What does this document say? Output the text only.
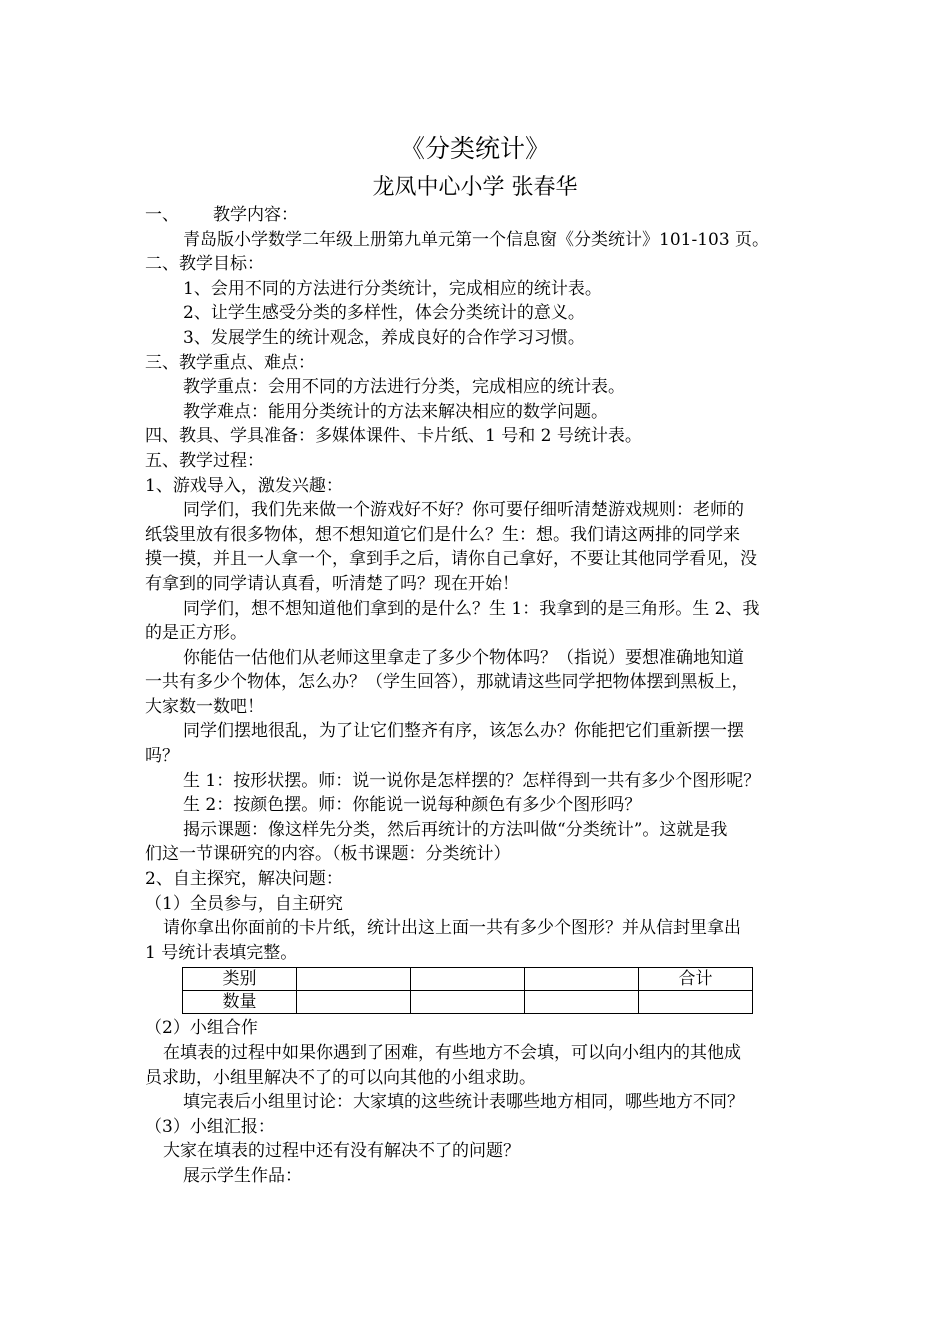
《分类统计》
龙凤中心小学 张春华
一、 教学内容：
青岛版小学数学二年级上册第九单元第一个信息窗《分类统计》101-103 页。
二、教学目标：
1、会用不同的方法进行分类统计，完成相应的统计表。
2、让学生感受分类的多样性，体会分类统计的意义。
3、发展学生的统计观念，养成良好的合作学习习惯。
三、教学重点、难点：
教学重点：会用不同的方法进行分类，完成相应的统计表。
教学难点：能用分类统计的方法来解决相应的数学问题。
四、教具、学具准备：多媒体课件、卡片纸、1 号和 2 号统计表。
五、教学过程：
1、游戏导入，激发兴趣：
同学们，我们先来做一个游戏好不好？你可要仔细听清楚游戏规则：老师的
纸袋里放有很多物体，想不想知道它们是什么？生：想。我们请这两排的同学来
摸一摸，并且一人拿一个，拿到手之后，请你自己拿好，不要让其他同学看见，没
有拿到的同学请认真看，听清楚了吗？现在开始！
同学们，想不想知道他们拿到的是什么？生 1：我拿到的是三角形。生 2、我
的是正方形。
你能估一估他们从老师这里拿走了多少个物体吗？（指说）要想准确地知道
一共有多少个物体，怎么办？（学生回答），那就请这些同学把物体摆到黑板上，
大家数一数吧！
同学们摆地很乱，为了让它们整齐有序，该怎么办？你能把它们重新摆一摆
吗？
生 1：按形状摆。师：说一说你是怎样摆的？怎样得到一共有多少个图形呢？
生 2：按颜色摆。师：你能说一说每种颜色有多少个图形吗？
揭示课题：像这样先分类，然后再统计的方法叫做“分类统计”。这就是我
们这一节课研究的内容。（板书课题：分类统计）
2、自主探究，解决问题：
（1）全员参与，自主研究
请你拿出你面前的卡片纸，统计出这上面一共有多少个图形？并从信封里拿出
1 号统计表填完整。
类别				合计
数量				
（2）小组合作
在填表的过程中如果你遇到了困难，有些地方不会填，可以向小组内的其他成
员求助，小组里解决不了的可以向其他的小组求助。
填完表后小组里讨论：大家填的这些统计表哪些地方相同，哪些地方不同？
（3）小组汇报：
大家在填表的过程中还有没有解决不了的问题？
展示学生作品：
